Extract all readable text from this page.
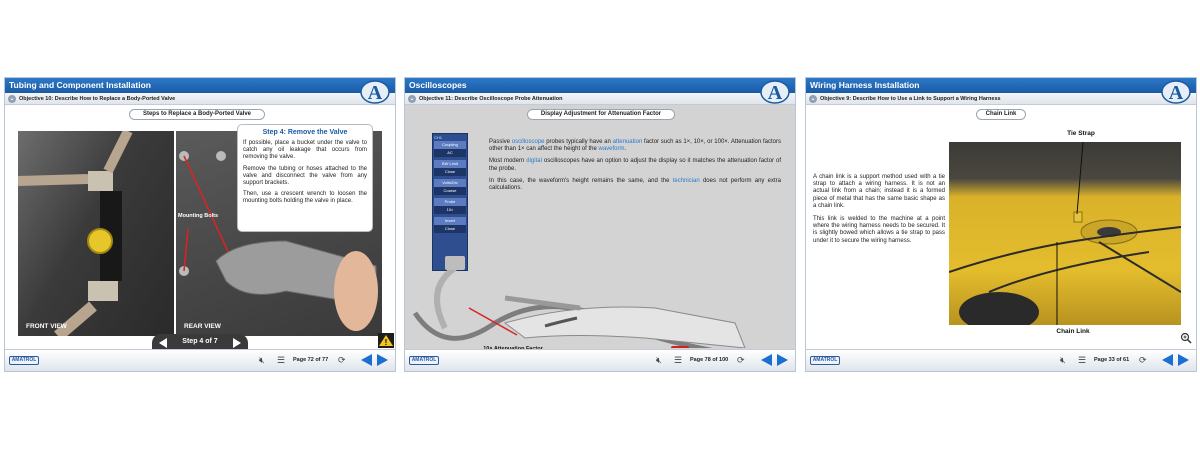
Tubing and Component Installation
⌄ Objective 10: Describe How to Replace a Body-Ported Valve	A
Steps to Replace a Body-Ported Valve
FRONT VIEW
Mounting Bolts
REAR VIEW
Step 4: Remove the Valve

If possible, place a bucket under the valve to catch any oil leakage that occurs from removing the valve.

Remove the tubing or hoses attached to the valve and disconnect the valve from any support brackets.

Then, use a crescent wrench to loosen the mounting bolts holding the valve in place.

!
Step 4 of 7
AMATROL	🔇︎ ☰ Page 72 of 77 ⟳
Oscilloscopes
⌄ Objective 11: Describe Oscilloscope Probe Attenuation	A
Display Adjustment for Attenuation Factor
CH1
Coupling
AC
BW Limit
Close
Volts/Div
Coarse
Probe
10×
Invert
Close

Passive oscilloscope probes typically have an attenuation factor such as 1×, 10×, or 100×. Attenuation factors other than 1× can affect the height of the waveform.

Most modern digital oscilloscopes have an option to adjust the display so it matches the attenuation factor of the probe.

In this case, the waveform's height remains the same, and the technician does not perform any extra calculations.

AMATROL	🔇︎ ☰ Page 78 of 100 ⟳
Wiring Harness Installation
⌄ Objective 9: Describe How to Use a Link to Support a Wiring Harness	A
Chain Link

A chain link is a support method used with a tie strap to attach a wiring harness. It is not an actual link from a chain; instead it is a formed piece of metal that has the same basic shape as a chain link.

This link is welded to the machine at a point where the wiring harness needs to be secured. It is slightly bowed which allows a tie strap to pass under it to secure the wiring harness.

Tie Strap
Chain Link
AMATROL	🔇︎ ☰ Page 33 of 61 ⟳
